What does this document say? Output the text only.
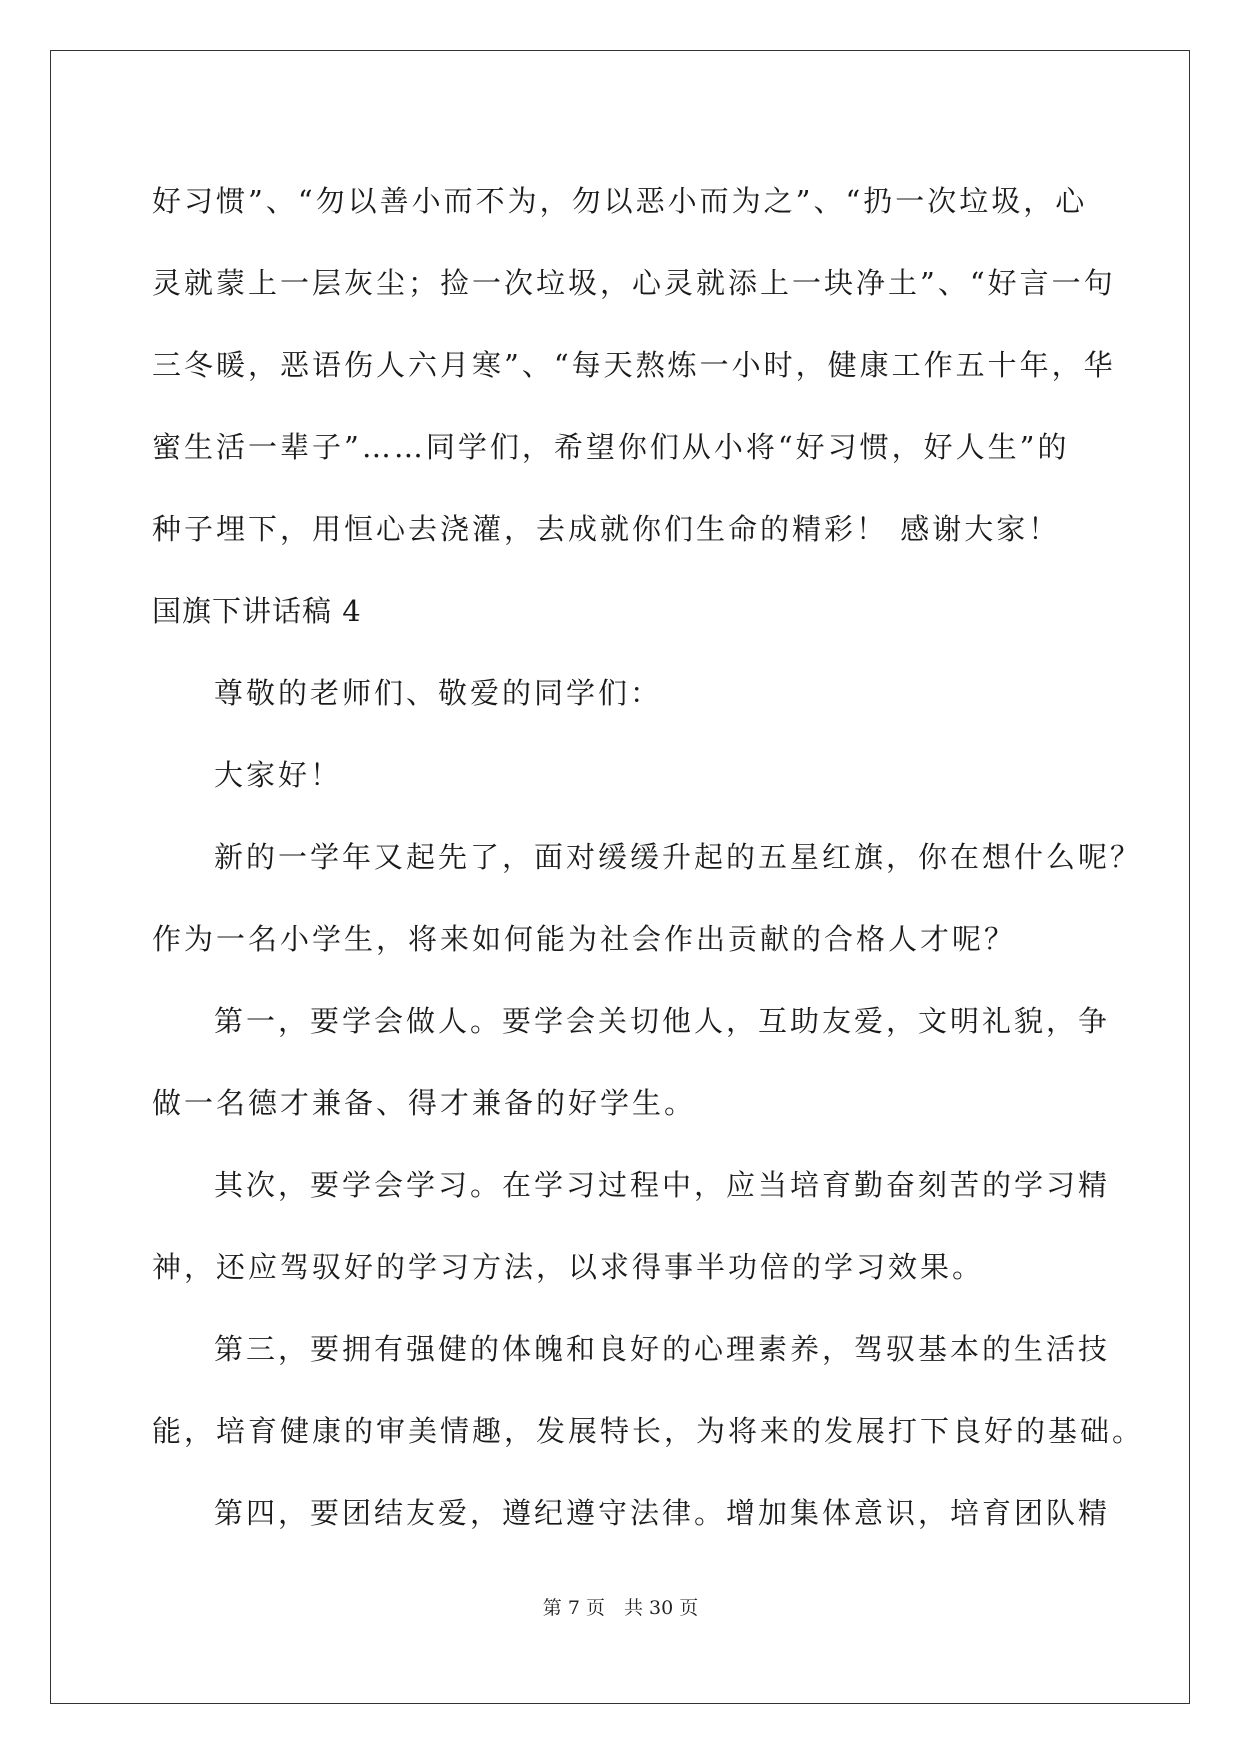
好习惯”、“勿以善小而不为，勿以恶小而为之”、“扔一次垃圾，心
灵就蒙上一层灰尘；捡一次垃圾，心灵就添上一块净土”、“好言一句
三冬暖，恶语伤人六月寒”、“每天熬炼一小时，健康工作五十年，华
蜜生活一辈子”……同学们，希望你们从小将“好习惯，好人生”的
种子埋下，用恒心去浇灌，去成就你们生命的精彩！ 感谢大家！
国旗下讲话稿 4
尊敬的老师们、敬爱的同学们：
大家好！
新的一学年又起先了，面对缓缓升起的五星红旗，你在想什么呢？
作为一名小学生，将来如何能为社会作出贡献的合格人才呢？
第一，要学会做人。要学会关切他人，互助友爱，文明礼貌，争
做一名德才兼备、得才兼备的好学生。
其次，要学会学习。在学习过程中，应当培育勤奋刻苦的学习精
神，还应驾驭好的学习方法，以求得事半功倍的学习效果。
第三，要拥有强健的体魄和良好的心理素养，驾驭基本的生活技
能，培育健康的审美情趣，发展特长，为将来的发展打下良好的基础。
第四，要团结友爱，遵纪遵守法律。增加集体意识，培育团队精
第 7 页　共 30 页
